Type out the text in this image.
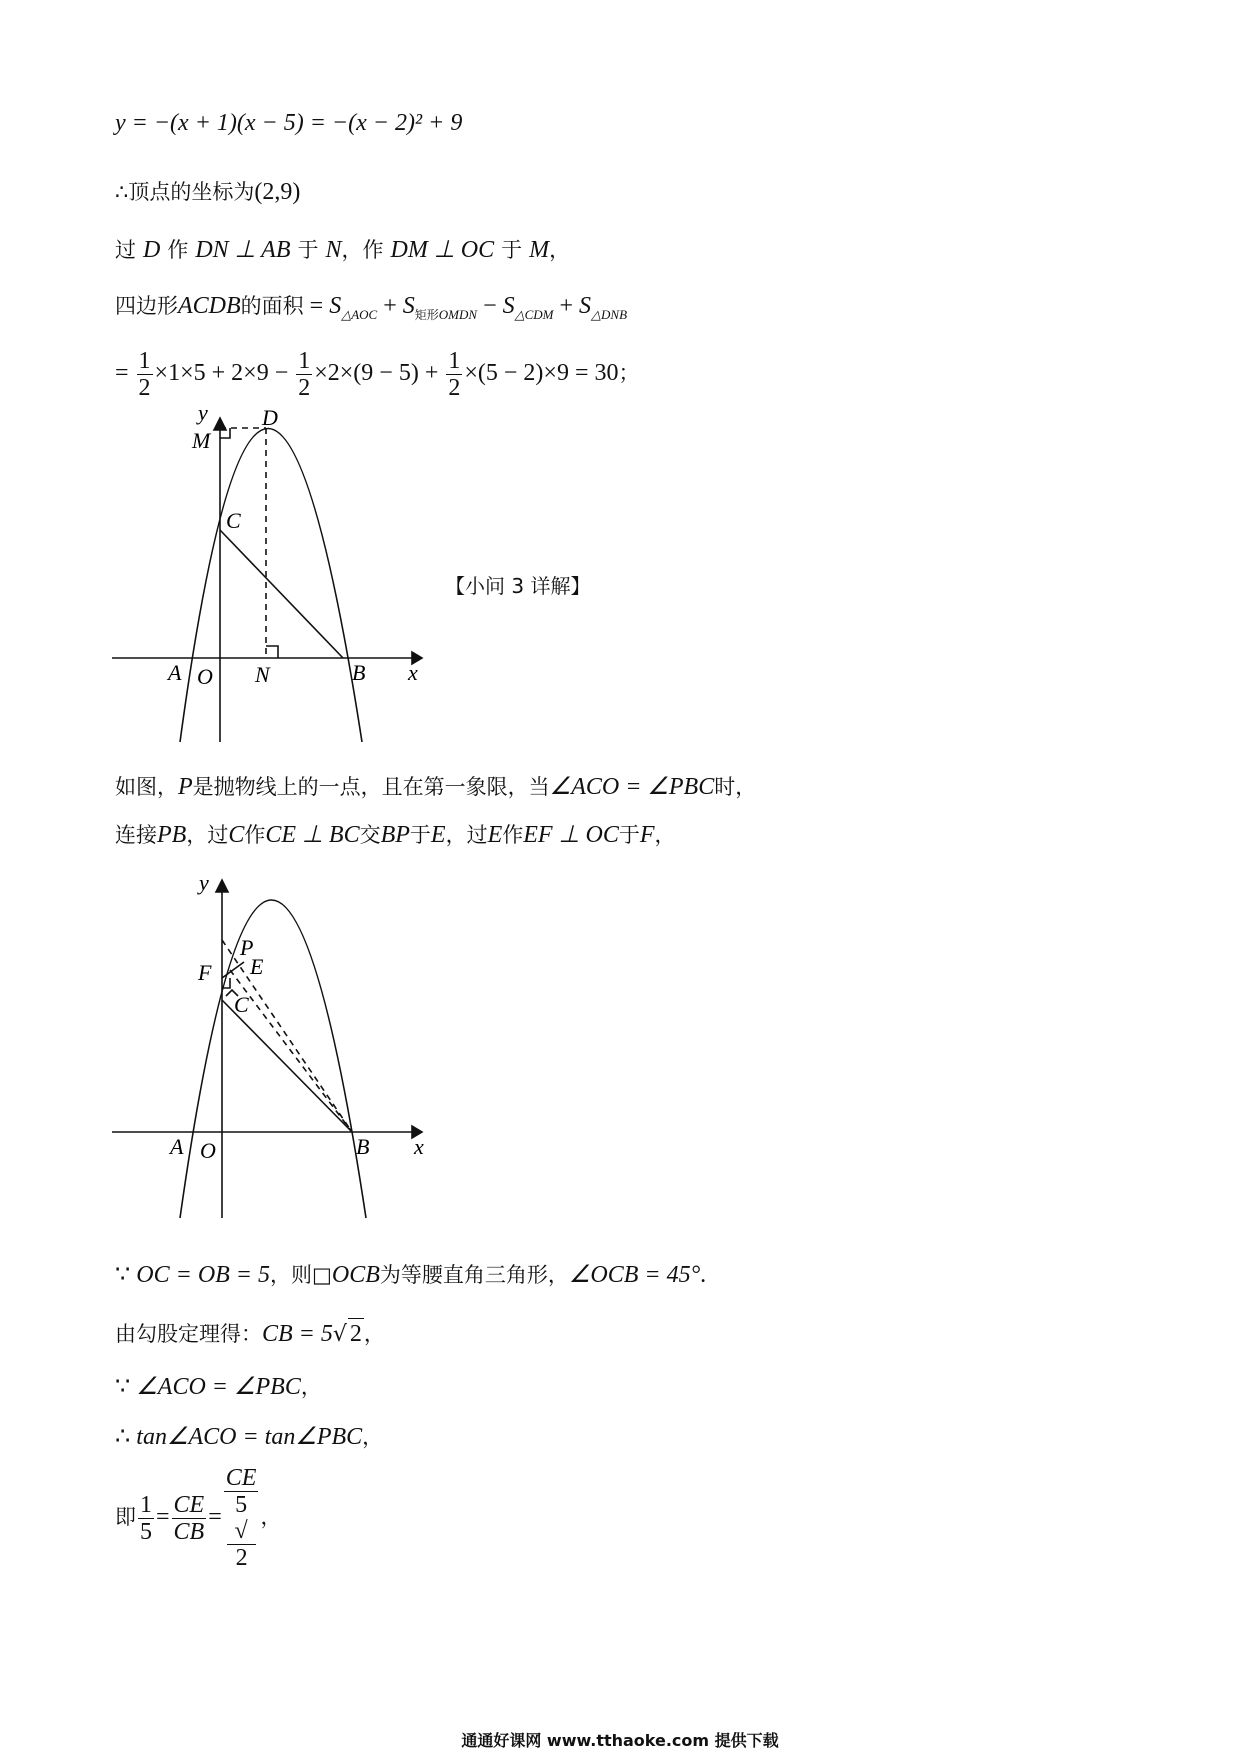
y = −(x + 1)(x − 5) = −(x − 2)² + 9
∴顶点的坐标为(2,9)
过 D 作 DN ⊥ AB 于 N，作 DM ⊥ OC 于 M，
四边形ACDB的面积 = $S_{\triangle AOC} + S_{矩形OMDN} - S_{\triangle CDM} + S_{\triangle DNB}$
= $\frac{1}{2} \times 1\times 5 + 2\times 9 - \frac{1}{2} \times 2\times(9 - 5) + \frac{1}{2} \times(5 - 2)\times 9 = 30$；
y
M
D
C
A O N	B x
【小问 3 详解】
如图，P是抛物线上的一点，且在第一象限，当∠ACO = ∠PBC时，
连接PB，过C作CE ⊥ BC交BP于E，过E作EF ⊥ OC于F，
y
P
F E
C
A O	B x
∵ OC = OB = 5，则□OCB为等腰直角三角形，∠OCB = 45°.
由勾股定理得：CB = 5√ 2，
∵ ∠ACO = ∠PBC，
∴ tan∠ACO = tan∠PBC，
即 $\frac{1}{5} = \frac{CE}{CB}$ = CE
5
√
2 ，
通通好课网 www.tthaoke.com 提供下载
